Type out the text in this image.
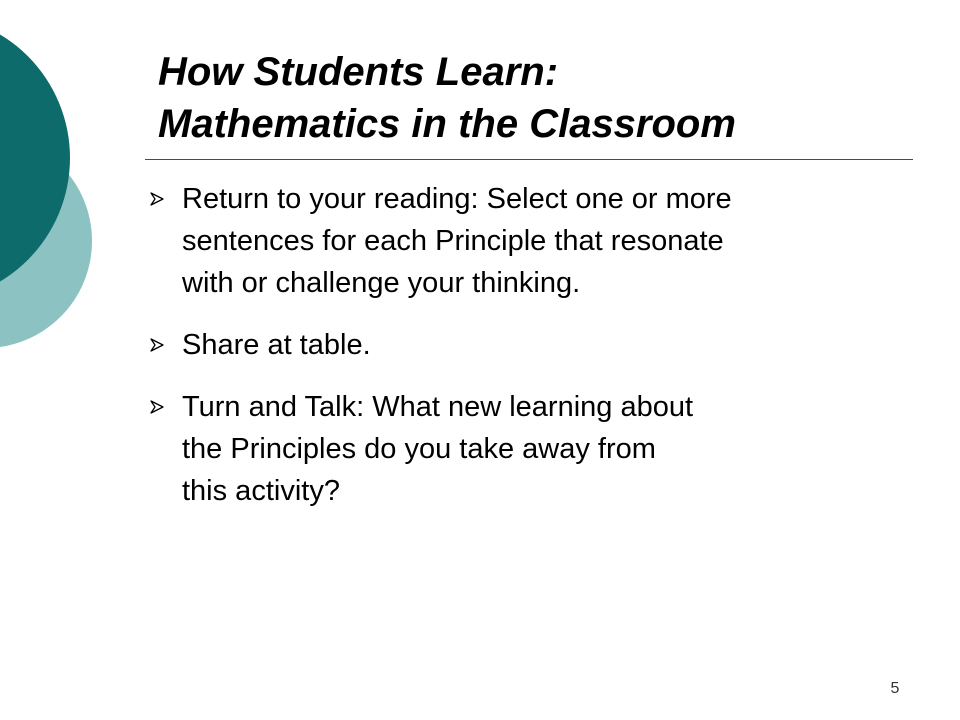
How Students Learn:
Mathematics in the Classroom
Return to your reading: Select one or more
sentences for each Principle that resonate
with or challenge your thinking.
Share at table.
Turn and Talk: What new learning about
the Principles do you take away from
this activity?
5
